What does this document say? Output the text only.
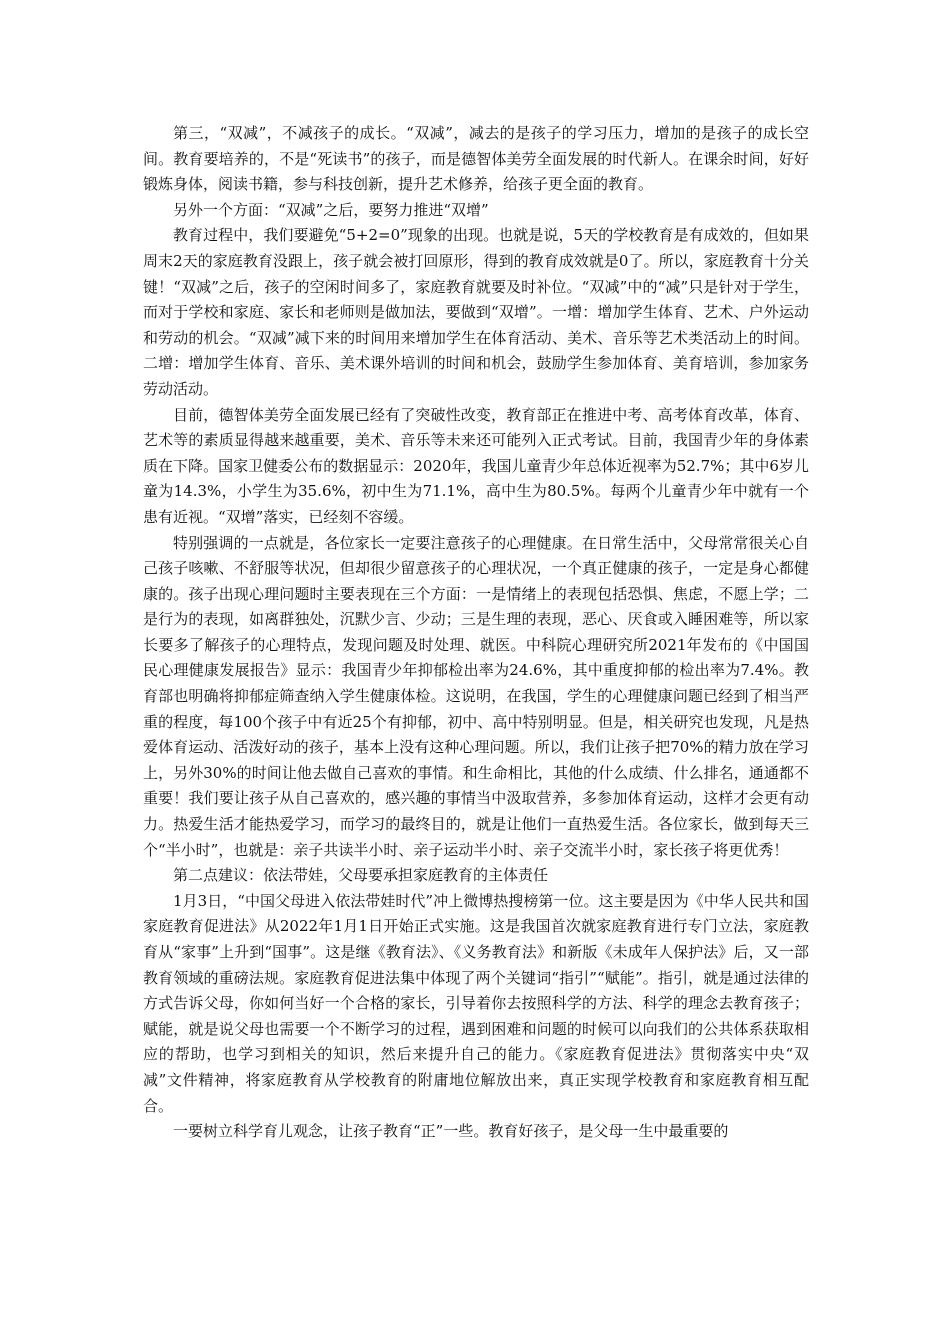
第三，“双减”，不减孩子的成长。“双减”，减去的是孩子的学习压力，增加的是孩子的成长空间。教育要培养的，不是“死读书”的孩子，而是德智体美劳全面发展的时代新人。在课余时间，好好锻炼身体，阅读书籍，参与科技创新，提升艺术修养，给孩子更全面的教育。

另外一个方面：“双减”之后，要努力推进“双增”

教育过程中，我们要避免“5+2=0”现象的出现。也就是说，5天的学校教育是有成效的，但如果周末2天的家庭教育没跟上，孩子就会被打回原形，得到的教育成效就是0了。所以，家庭教育十分关键！“双减”之后，孩子的空闲时间多了，家庭教育就要及时补位。“双减”中的“减”只是针对于学生，而对于学校和家庭、家长和老师则是做加法，要做到“双增”。一增：增加学生体育、艺术、户外运动和劳动的机会。“双减”减下来的时间用来增加学生在体育活动、美术、音乐等艺术类活动上的时间。二增：增加学生体育、音乐、美术课外培训的时间和机会，鼓励学生参加体育、美育培训，参加家务劳动活动。

目前，德智体美劳全面发展已经有了突破性改变，教育部正在推进中考、高考体育改革，体育、艺术等的素质显得越来越重要，美术、音乐等未来还可能列入正式考试。目前，我国青少年的身体素质在下降。国家卫健委公布的数据显示：2020年，我国儿童青少年总体近视率为52.7%；其中6岁儿童为14.3%，小学生为35.6%，初中生为71.1%，高中生为80.5%。每两个儿童青少年中就有一个患有近视。“双增”落实，已经刻不容缓。

特别强调的一点就是，各位家长一定要注意孩子的心理健康。在日常生活中，父母常常很关心自己孩子咳嗽、不舒服等状况，但却很少留意孩子的心理状况，一个真正健康的孩子，一定是身心都健康的。孩子出现心理问题时主要表现在三个方面：一是情绪上的表现包括恐惧、焦虑，不愿上学；二是行为的表现，如离群独处，沉默少言、少动；三是生理的表现，恶心、厌食或入睡困难等，所以家长要多了解孩子的心理特点，发现问题及时处理、就医。中科院心理研究所2021年发布的《中国国民心理健康发展报告》显示：我国青少年抑郁检出率为24.6%，其中重度抑郁的检出率为7.4%。教育部也明确将抑郁症筛查纳入学生健康体检。这说明，在我国，学生的心理健康问题已经到了相当严重的程度，每100个孩子中有近25个有抑郁，初中、高中特别明显。但是，相关研究也发现，凡是热爱体育运动、活泼好动的孩子，基本上没有这种心理问题。所以，我们让孩子把70%的精力放在学习上，另外30%的时间让他去做自己喜欢的事情。和生命相比，其他的什么成绩、什么排名，通通都不重要！我们要让孩子从自己喜欢的，感兴趣的事情当中汲取营养，多参加体育运动，这样才会更有动力。热爱生活才能热爱学习，而学习的最终目的，就是让他们一直热爱生活。各位家长，做到每天三个“半小时”，也就是：亲子共读半小时、亲子运动半小时、亲子交流半小时，家长孩子将更优秀！

第二点建议：依法带娃，父母要承担家庭教育的主体责任

1月3日，“中国父母进入依法带娃时代”冲上微博热搜榜第一位。这主要是因为《中华人民共和国家庭教育促进法》从2022年1月1日开始正式实施。这是我国首次就家庭教育进行专门立法，家庭教育从“家事”上升到“国事”。这是继《教育法》、《义务教育法》和新版《未成年人保护法》后，又一部教育领域的重磅法规。家庭教育促进法集中体现了两个关键词“指引”“赋能”。指引，就是通过法律的方式告诉父母，你如何当好一个合格的家长，引导着你去按照科学的方法、科学的理念去教育孩子；赋能，就是说父母也需要一个不断学习的过程，遇到困难和问题的时候可以向我们的公共体系获取相应的帮助，也学习到相关的知识，然后来提升自己的能力。《家庭教育促进法》贯彻落实中央“双减”文件精神，将家庭教育从学校教育的附庸地位解放出来，真正实现学校教育和家庭教育相互配合。

一要树立科学育儿观念，让孩子教育“正”一些。教育好孩子，是父母一生中最重要的
